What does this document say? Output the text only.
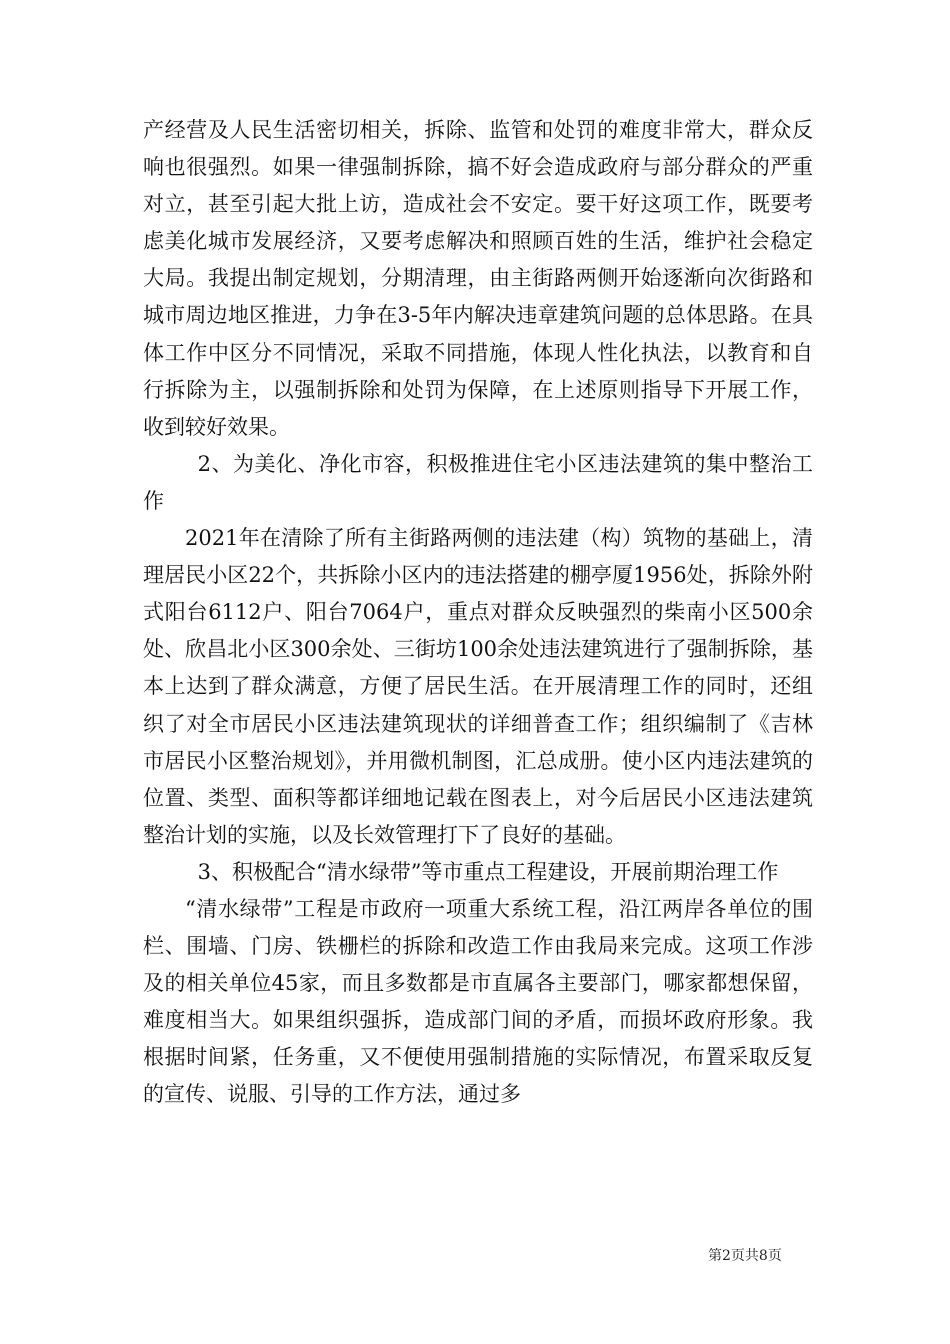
产经营及人民生活密切相关，拆除、监管和处罚的难度非常大，群众反响也很强烈。如果一律强制拆除，搞不好会造成政府与部分群众的严重对立，甚至引起大批上访，造成社会不安定。要干好这项工作，既要考虑美化城市发展经济，又要考虑解决和照顾百姓的生活，维护社会稳定大局。我提出制定规划，分期清理，由主街路两侧开始逐渐向次街路和城市周边地区推进，力争在3-5年内解决违章建筑问题的总体思路。在具体工作中区分不同情况，采取不同措施，体现人性化执法，以教育和自行拆除为主，以强制拆除和处罚为保障，在上述原则指导下开展工作，收到较好效果。

2、为美化、净化市容，积极推进住宅小区违法建筑的集中整治工作

2021年在清除了所有主街路两侧的违法建（构）筑物的基础上，清理居民小区22个，共拆除小区内的违法搭建的棚亭厦1956处，拆除外附式阳台6112户、阳台7064户，重点对群众反映强烈的柴南小区500余处、欣昌北小区300余处、三街坊100余处违法建筑进行了强制拆除，基本上达到了群众满意，方便了居民生活。在开展清理工作的同时，还组织了对全市居民小区违法建筑现状的详细普查工作；组织编制了《吉林市居民小区整治规划》，并用微机制图，汇总成册。使小区内违法建筑的位置、类型、面积等都详细地记载在图表上，对今后居民小区违法建筑整治计划的实施，以及长效管理打下了良好的基础。

3、积极配合“清水绿带”等市重点工程建设，开展前期治理工作

“清水绿带”工程是市政府一项重大系统工程，沿江两岸各单位的围栏、围墙、门房、铁栅栏的拆除和改造工作由我局来完成。这项工作涉及的相关单位45家，而且多数都是市直属各主要部门，哪家都想保留，难度相当大。如果组织强拆，造成部门间的矛盾，而损坏政府形象。我根据时间紧，任务重，又不便使用强制措施的实际情况，布置采取反复的宣传、说服、引导的工作方法，通过多

第2页共8页
